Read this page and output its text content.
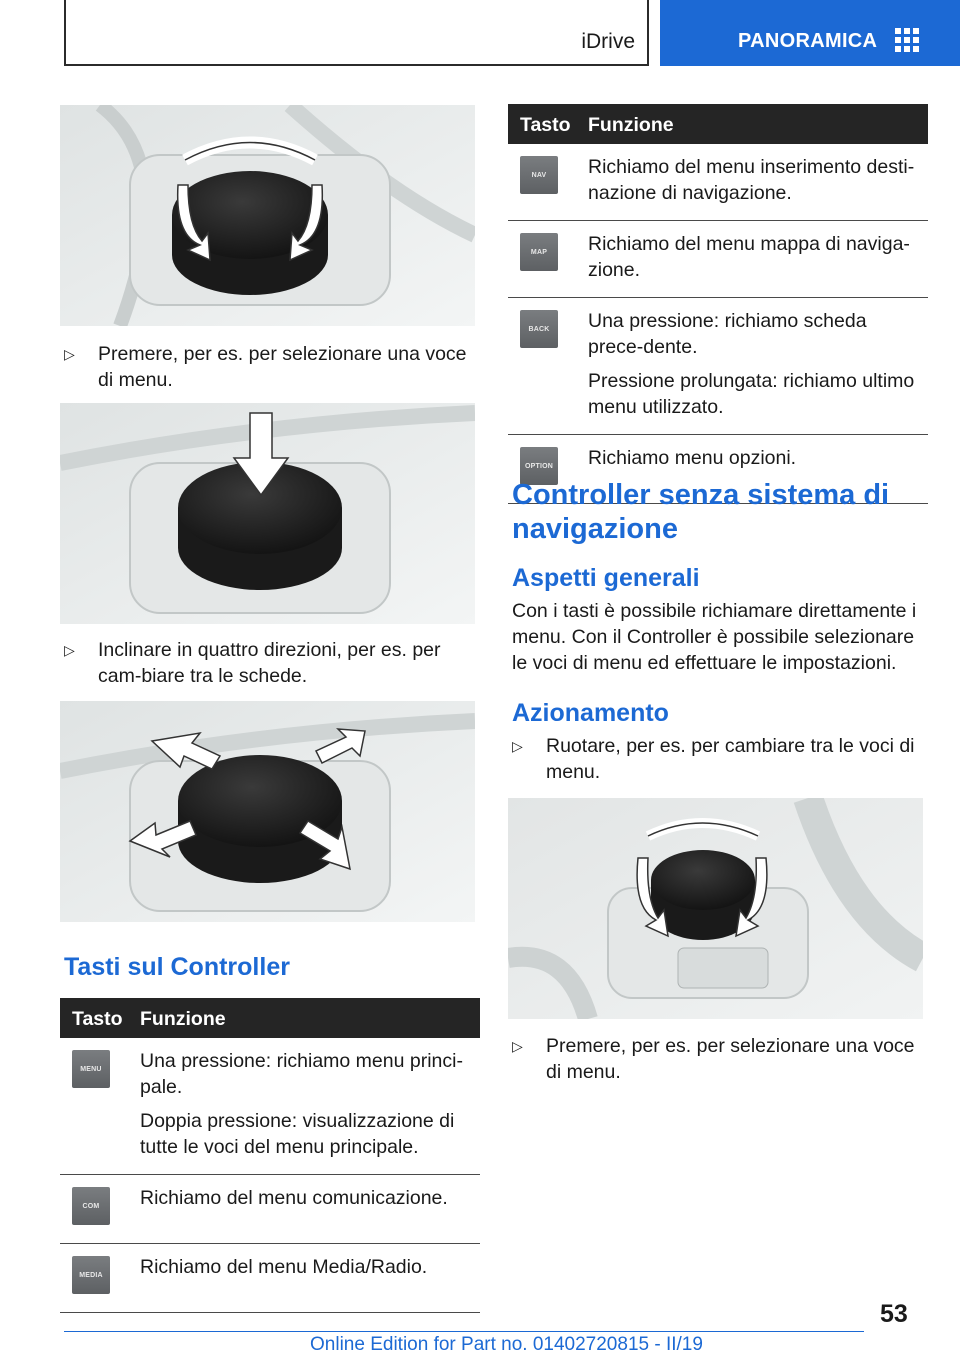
iDrive	PANORAMICA
▷	Premere, per es. per selezionare una voce di menu.
▷	Inclinare in quattro direzioni, per es. per cam-biare tra le schede.
Tasti sul Controller
Tasto Funzione
MENU	Una pressione: richiamo menu princi-pale.

Doppia pressione: visualizzazione di tutte le voci del menu principale.

COM	Richiamo del menu comunicazione.

MEDIA	Richiamo del menu Media/Radio.

Tasto Funzione
NAV	Richiamo del menu inserimento desti-nazione di navigazione.

MAP	Richiamo del menu mappa di naviga-zione.

BACK	Una pressione: richiamo scheda prece-dente.

Pressione prolungata: richiamo ultimo menu utilizzato.

OPTION Richiamo menu opzioni.

Controller senza sistema di navigazione
Aspetti generali
Con i tasti è possibile richiamare direttamente i menu. Con il Controller è possibile selezionare le voci di menu ed effettuare le impostazioni.
Azionamento
▷	Ruotare, per es. per cambiare tra le voci di menu.
▷	Premere, per es. per selezionare una voce di menu.
53
Online Edition for Part no. 01402720815 - II/19
